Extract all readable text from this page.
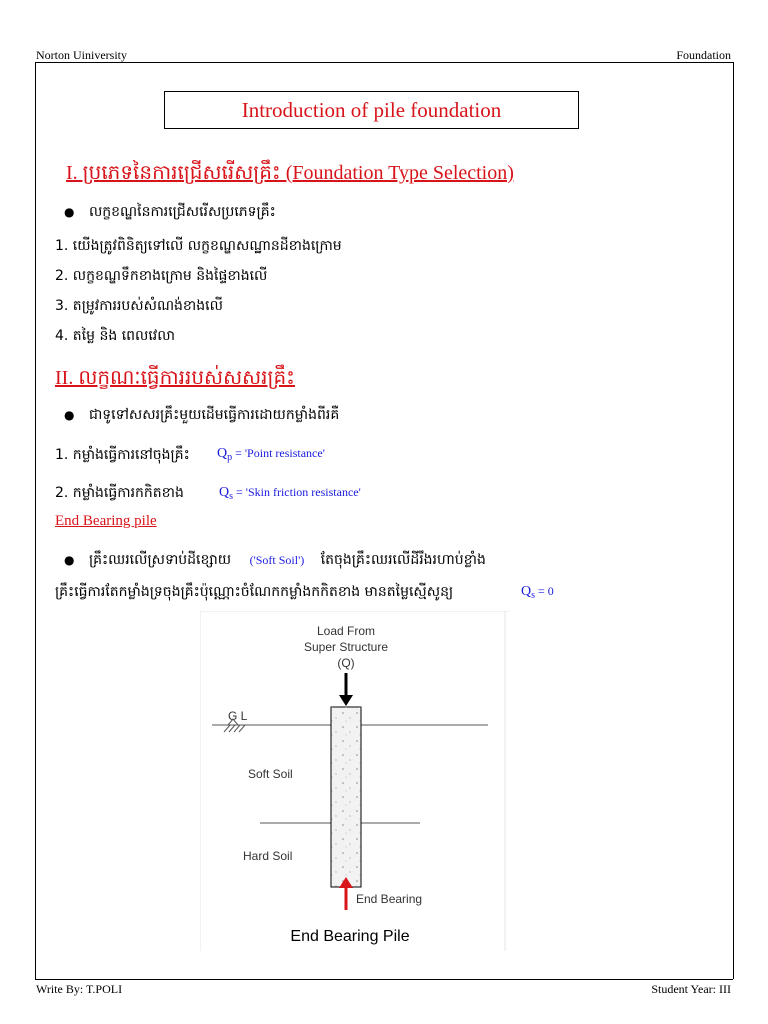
Norton Uiniversity	Foundation
Introduction of pile foundation
I. ប្រភេទនៃការជ្រើសរើសគ្រឹះ (Foundation Type Selection)
● លក្ខខណ្ឌនៃការជ្រើសរើសប្រភេទគ្រឹះ
1. យើងត្រូវពិនិត្យទៅលើ លក្ខខណ្ឌសណ្ឋានដីខាងក្រោម
2. លក្ខខណ្ឌទឹកខាងក្រោម និងផ្ទៃខាងលើ
3. តម្រូវការរបស់សំណង់ខាងលើ
4. តម្លៃ និង ពេលវេលា
II. លក្ខណៈធ្វើការរបស់សសរគ្រឹះ
● ជាទូទៅសសរគ្រឹះមួយដើមធ្វើការដោយកម្លាំងពីរគឺ
1. កម្លាំងធ្វើការនៅចុងគ្រឹះ $Q_p$ = 'Point resistance'
2. កម្លាំងធ្វើការកកិតខាង	$Q_s$ = 'Skin friction resistance'
End Bearing pile
● គ្រឹះឈរលើស្រទាប់ដីខ្សោយ ('Soft Soil') តែចុងគ្រឹះឈរលើដីរឹងរហាប់ខ្លាំង
គ្រឹះធ្វើការតែកម្លាំងទ្រចុងគ្រឹះប៉ុណ្ណោះចំណែកកម្លាំងកកិតខាង មានតម្លៃស្មើសូន្យ	$Q_s = 0$
Load From
Super Structure
(Q)
G L
Soft Soil
Hard Soil
End Bearing
End Bearing Pile
Write By: T.POLI	Student Year: III
